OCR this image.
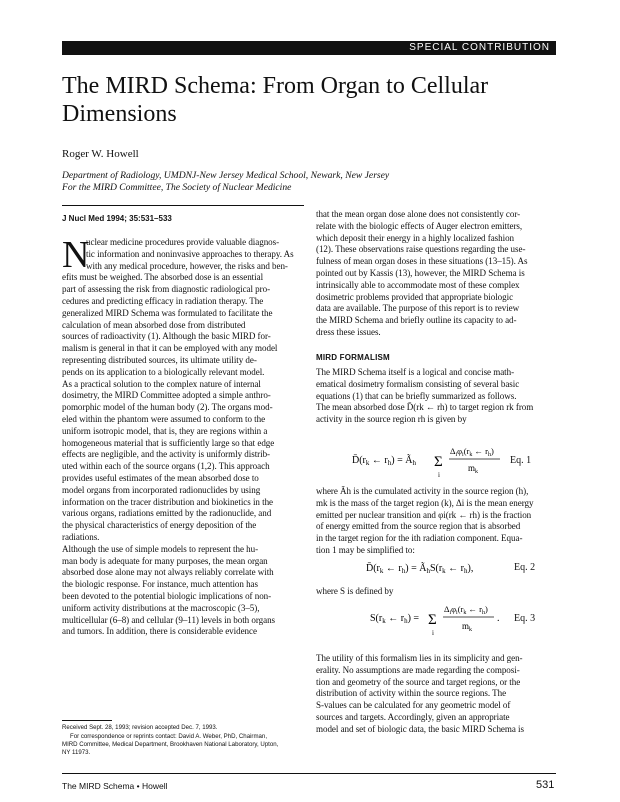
SPECIAL CONTRIBUTION
The MIRD Schema: From Organ to Cellular Dimensions
Roger W. Howell
Department of Radiology, UMDNJ-New Jersey Medical School, Newark, New Jersey
For the MIRD Committee, The Society of Nuclear Medicine
J Nucl Med 1994; 35:531–533
N
uclear medicine procedures provide valuable diagnos-
tic information and noninvasive approaches to therapy. As
with any medical procedure, however, the risks and ben-
efits must be weighed. The absorbed dose is an essential
part of assessing the risk from diagnostic radiological pro-
cedures and predicting efficacy in radiation therapy. The
generalized MIRD Schema was formulated to facilitate the
calculation of mean absorbed dose from distributed
sources of radioactivity (1). Although the basic MIRD for-
malism is general in that it can be employed with any model
representing distributed sources, its ultimate utility de-
pends on its application to a biologically relevant model.
As a practical solution to the complex nature of internal
dosimetry, the MIRD Committee adopted a simple anthro-
pomorphic model of the human body (2). The organs mod-
eled within the phantom were assumed to conform to the
uniform isotropic model, that is, they are regions within a
homogeneous material that is sufficiently large so that edge
effects are negligible, and the activity is uniformly distrib-
uted within each of the source organs (1,2). This approach
provides useful estimates of the mean absorbed dose to
model organs from incorporated radionuclides by using
information on the tracer distribution and biokinetics in the
various organs, radiations emitted by the radionuclide, and
the physical characteristics of energy deposition of the
radiations.
Although the use of simple models to represent the hu-
man body is adequate for many purposes, the mean organ
absorbed dose alone may not always reliably correlate with
the biologic response. For instance, much attention has
been devoted to the potential biologic implications of non-
uniform activity distributions at the macroscopic (3–5),
multicellular (6–8) and cellular (9–11) levels in both organs
and tumors. In addition, there is considerable evidence
that the mean organ dose alone does not consistently cor-
relate with the biologic effects of Auger electron emitters,
which deposit their energy in a highly localized fashion
(12). These observations raise questions regarding the use-
fulness of mean organ doses in these situations (13–15). As
pointed out by Kassis (13), however, the MIRD Schema is
intrinsically able to accommodate most of these complex
dosimetric problems provided that appropriate biologic
data are available. The purpose of this report is to review
the MIRD Schema and briefly outline its capacity to ad-
dress these issues.
MIRD FORMALISM
The MIRD Schema itself is a logical and concise math-
ematical dosimetry formalism consisting of several basic
equations (1) that can be briefly summarized as follows.
The mean absorbed dose D̄(rk ← rh) to target region rk from
activity in the source region rh is given by
$D̄(r_k$ ← $r_h$) = $Ã_h$ Σ
i
$\Delta_i\varphi_i(r_k$ ← $r_h$)
$m_k$
Eq. 1
where Ãh is the cumulated activity in the source region (h),
mk is the mass of the target region (k), Δi is the mean energy
emitted per nuclear transition and φi(rk ← rh) is the fraction
of energy emitted from the source region that is absorbed
in the target region for the ith radiation component. Equa-
tion 1 may be simplified to:
$D̄(r_k$ ← $r_h$) = $Ã_hS(r_k$ ← $r_h$),	Eq. 2
where S is defined by
$S(r_k$ ← $r_h) = \Sigma$
i
$\Delta_i\varphi_i(r_k$ ← $r_h$)
$m_k$
. Eq. 3
The utility of this formalism lies in its simplicity and gen-
erality. No assumptions are made regarding the composi-
tion and geometry of the source and target regions, or the
distribution of activity within the source regions. The
S-values can be calculated for any geometric model of
sources and targets. Accordingly, given an appropriate
model and set of biologic data, the basic MIRD Schema is
Received Sept. 28, 1993; revision accepted Dec. 7, 1993.
For correspondence or reprints contact: David A. Weber, PhD, Chairman,
MIRD Committee, Medical Department, Brookhaven National Laboratory, Upton,
NY 11973.
The MIRD Schema • Howell	531
